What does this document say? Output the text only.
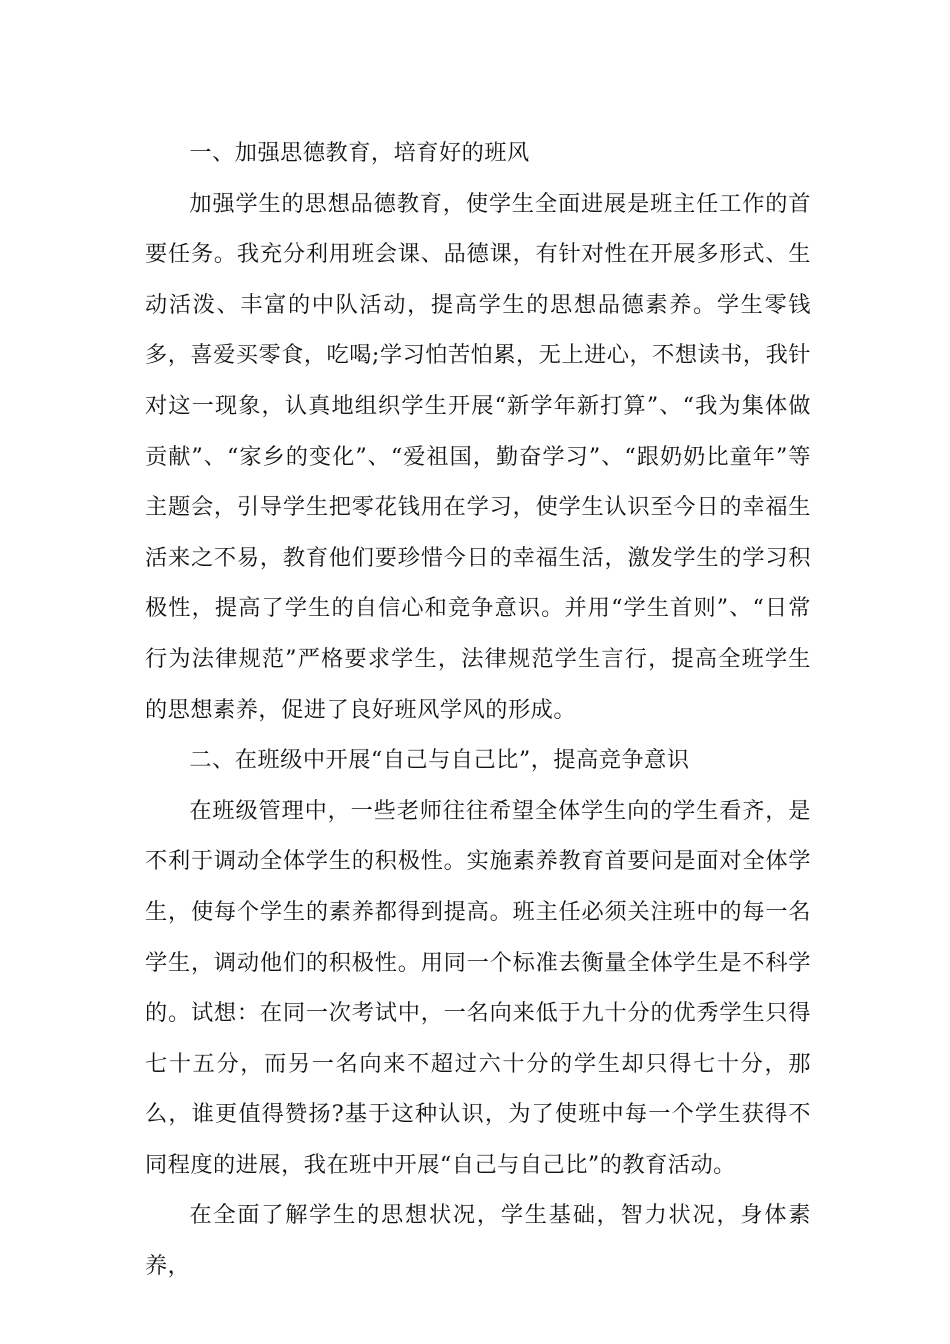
一、加强思德教育，培育好的班风

加强学生的思想品德教育，使学生全面进展是班主任工作的首要任务。我充分利用班会课、品德课，有针对性在开展多形式、生动活泼、丰富的中队活动，提高学生的思想品德素养。学生零钱多，喜爱买零食，吃喝;学习怕苦怕累，无上进心，不想读书，我针对这一现象，认真地组织学生开展“新学年新打算”、“我为集体做贡献”、“家乡的变化”、“爱祖国，勤奋学习”、“跟奶奶比童年”等主题会，引导学生把零花钱用在学习，使学生认识至今日的幸福生活来之不易，教育他们要珍惜今日的幸福生活，激发学生的学习积极性，提高了学生的自信心和竞争意识。并用“学生首则”、“日常行为法律规范”严格要求学生，法律规范学生言行，提高全班学生的思想素养，促进了良好班风学风的形成。

二、在班级中开展“自己与自己比”，提高竞争意识

在班级管理中，一些老师往往希望全体学生向的学生看齐，是不利于调动全体学生的积极性。实施素养教育首要问是面对全体学生，使每个学生的素养都得到提高。班主任必须关注班中的每一名学生，调动他们的积极性。用同一个标准去衡量全体学生是不科学的。试想：在同一次考试中，一名向来低于九十分的优秀学生只得七十五分，而另一名向来不超过六十分的学生却只得七十分，那么，谁更值得赞扬?基于这种认识，为了使班中每一个学生获得不同程度的进展，我在班中开展“自己与自己比”的教育活动。

在全面了解学生的思想状况，学生基础，智力状况，身体素养，
